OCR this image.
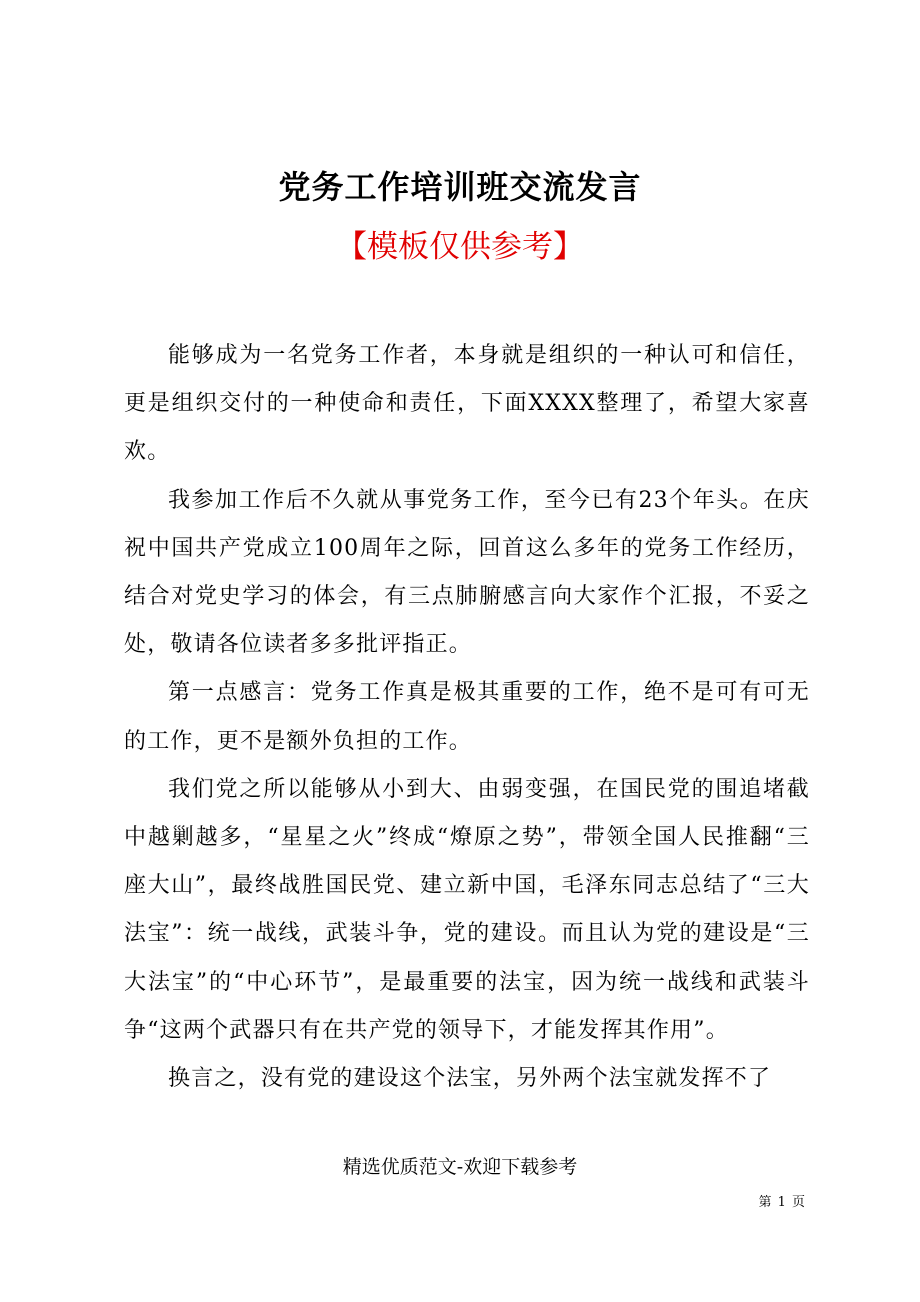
党务工作培训班交流发言
【模板仅供参考】

能够成为一名党务工作者，本身就是组织的一种认可和信任，更是组织交付的一种使命和责任，下面XXXX整理了，希望大家喜欢。

我参加工作后不久就从事党务工作，至今已有23个年头。在庆祝中国共产党成立100周年之际，回首这么多年的党务工作经历，结合对党史学习的体会，有三点肺腑感言向大家作个汇报，不妥之处，敬请各位读者多多批评指正。

第一点感言：党务工作真是极其重要的工作，绝不是可有可无的工作，更不是额外负担的工作。

我们党之所以能够从小到大、由弱变强，在国民党的围追堵截中越剿越多，“星星之火”终成“燎原之势”，带领全国人民推翻“三座大山”，最终战胜国民党、建立新中国，毛泽东同志总结了“三大法宝”：统一战线，武装斗争，党的建设。而且认为党的建设是“三大法宝”的“中心环节”，是最重要的法宝，因为统一战线和武装斗争“这两个武器只有在共产党的领导下，才能发挥其作用”。

换言之，没有党的建设这个法宝，另外两个法宝就发挥不了

精选优质范文-欢迎下载参考
第 1 页
